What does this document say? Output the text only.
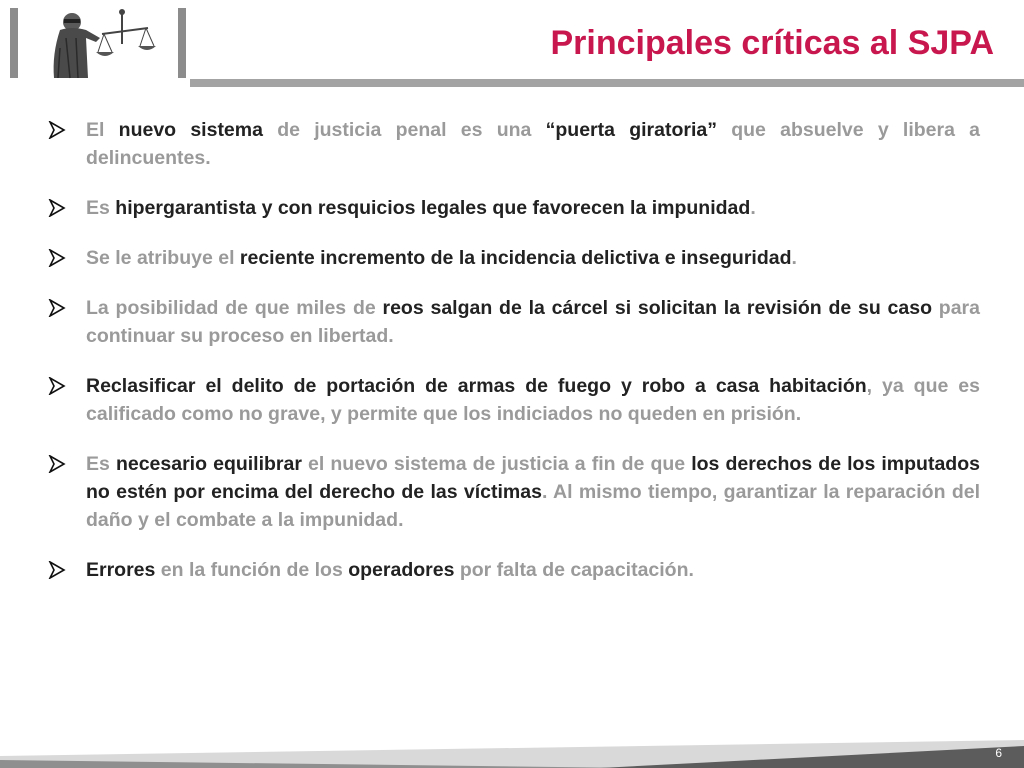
Principales críticas al SJPA
El nuevo sistema de justicia penal es una “puerta giratoria” que absuelve y libera a delincuentes.
Es hipergarantista y con resquicios legales que favorecen la impunidad.
Se le atribuye el reciente incremento de la incidencia delictiva e inseguridad.
La posibilidad de que miles de reos salgan de la cárcel si solicitan la revisión de su caso para continuar su proceso en libertad.
Reclasificar el delito de portación de armas de fuego y robo a casa habitación, ya que es calificado como no grave, y permite que los indiciados no queden en prisión.
Es necesario equilibrar el nuevo sistema de justicia a fin de que los derechos de los imputados no estén por encima del derecho de las víctimas. Al mismo tiempo, garantizar la reparación del daño y el combate a la impunidad.
Errores en la función de los operadores por falta de capacitación.
6
